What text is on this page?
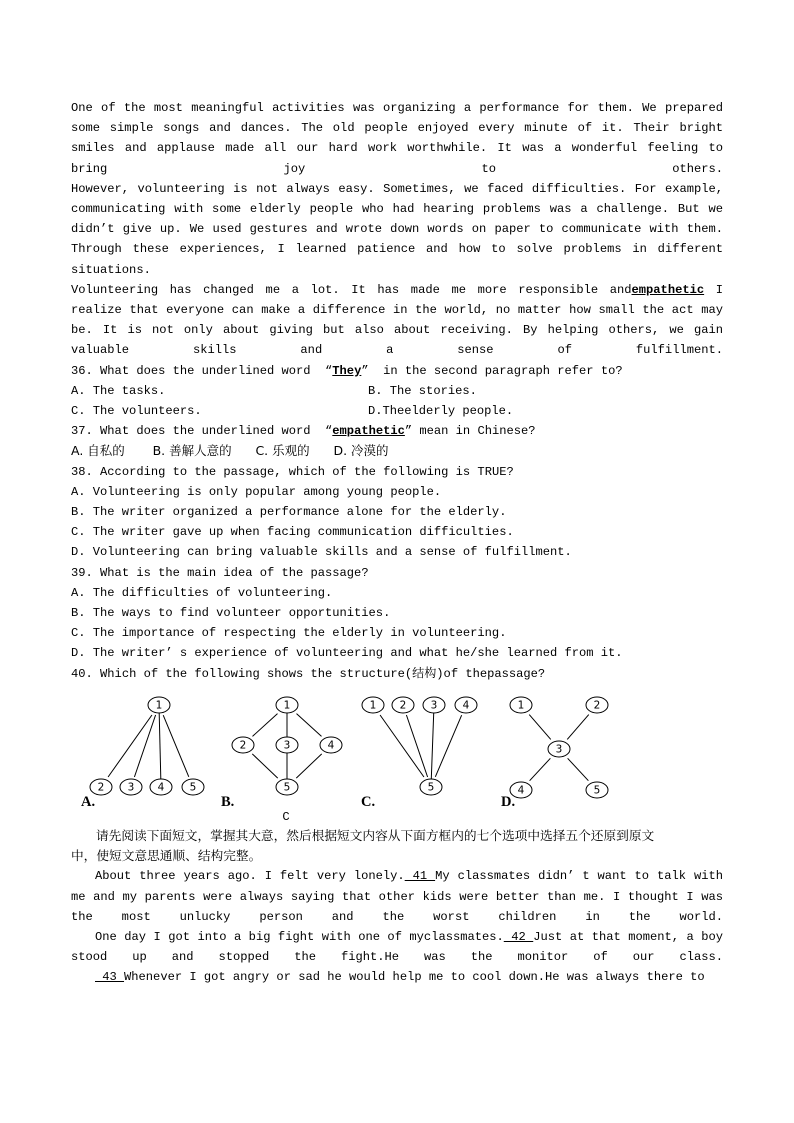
One of the most meaningful activities was organizing a performance for them. We prepared some simple songs and dances. The old people enjoyed every minute of it. Their bright smiles and applause made all our hard work worthwhile. It was a wonderful feeling to bring joy to others.

However, volunteering is not always easy. Sometimes, we faced difficulties. For example, communicating with some elderly people who had hearing problems was a challenge. But we didn’t give up. We used gestures and wrote down words on paper to communicate with them. Through these experiences, I learned patience and how to solve problems in different situations.

Volunteering has changed me a lot. It has made me more responsible andempathetic I realize that everyone can make a difference in the world, no matter how small the act may be. It is not only about giving but also about receiving. By helping others, we gain valuable skills and a sense of fulfillment.

36. What does the underlined word  “They”  in the second paragraph refer to?
A. The tasks.	B. The stories.
C. The volunteers.	D.Theelderly people.
37. What does the underlined word  “empathetic” mean in Chinese?
A. 自私的       B. 善解人意的      C. 乐观的      D. 冷漠的
38. According to the passage, which of the following is TRUE?
A. Volunteering is only popular among young people.
B. The writer organized a performance alone for the elderly.
C. The writer gave up when facing communication difficulties.
D. Volunteering can bring valuable skills and a sense of fulfillment.
39. What is the main idea of the passage?
A. The difficulties of volunteering.
B. The ways to find volunteer opportunities.
C. The importance of respecting the elderly in volunteering.
D. The writer’ s experience of volunteering and what he/she learned from it.
40. Which of the following shows the structure(结构)of thepassage?
1
2 3 4 5
A.
1
2	3	4
5
B.
1 2 3 4
5
C.
1	2
3
4	5
D.
C

请先阅读下面短文，掌握其大意，然后根据短文内容从下面方框内的七个选项中选择五个还原到原文

中，使短文意思通顺、结构完整。

About three years ago. I felt very lonely. 41 My classmates didn’ t want to talk with me and my parents were always saying that other kids were better than me. I thought I was the most unlucky person and the worst children in the world.

One day I got into a big fight with one of myclassmates. 42 Just at that moment, a boy stood up and stopped the fight.He was the monitor of our class.

43 Whenever I got angry or sad he would help me to cool down.He was always there to
